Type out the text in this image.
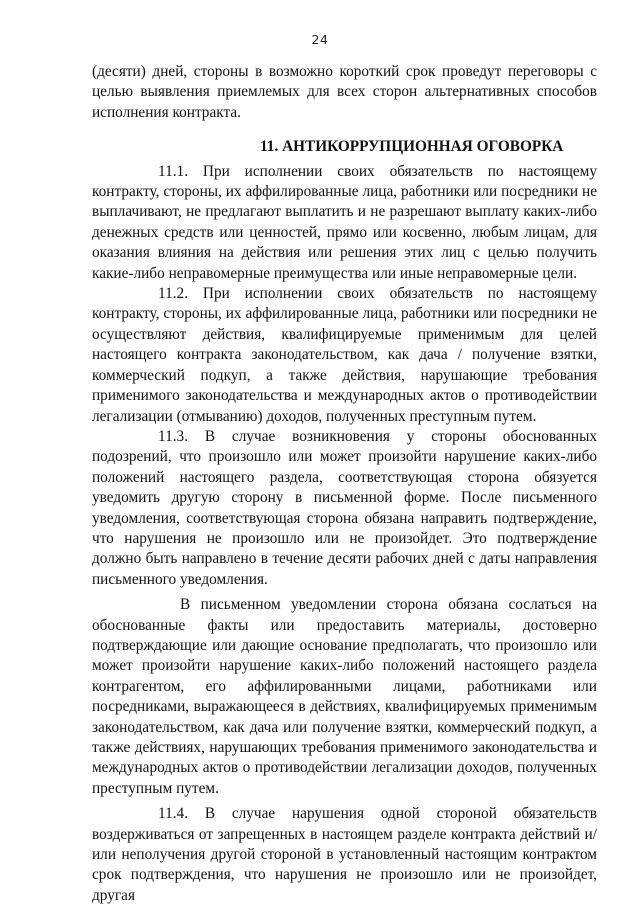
24

(десяти) дней, стороны в возможно короткий срок проведут переговоры с целью выявления приемлемых для всех сторон альтернативных способов исполнения контракта.

11. АНТИКОРРУПЦИОННАЯ ОГОВОРКА

11.1. При исполнении своих обязательств по настоящему контракту, стороны, их аффилированные лица, работники или посредники не выплачивают, не предлагают выплатить и не разрешают выплату каких-либо денежных средств или ценностей, прямо или косвенно, любым лицам, для оказания влияния на действия или решения этих лиц с целью получить какие-либо неправомерные преимущества или иные неправомерные цели.

11.2. При исполнении своих обязательств по настоящему контракту, стороны, их аффилированные лица, работники или посредники не осуществляют действия, квалифицируемые применимым для целей настоящего контракта законодательством, как дача / получение взятки, коммерческий подкуп, а также действия, нарушающие требования применимого законодательства и международных актов о противодействии легализации (отмыванию) доходов, полученных преступным путем.

11.3. В случае возникновения у стороны обоснованных подозрений, что произошло или может произойти нарушение каких-либо положений настоящего раздела, соответствующая сторона обязуется уведомить другую сторону в письменной форме. После письменного уведомления, соответствующая сторона обязана направить подтверждение, что нарушения не произошло или не произойдет. Это подтверждение должно быть направлено в течение десяти рабочих дней с даты направления письменного уведомления.

В письменном уведомлении сторона обязана сослаться на обоснованные факты или предоставить материалы, достоверно подтверждающие или дающие основание предполагать, что произошло или может произойти нарушение каких-либо положений настоящего раздела контрагентом, его аффилированными лицами, работниками или посредниками, выражающееся в действиях, квалифицируемых применимым законодательством, как дача или получение взятки, коммерческий подкуп, а также действиях, нарушающих требования применимого законодательства и международных актов о противодействии легализации доходов, полученных преступным путем.

11.4. В случае нарушения одной стороной обязательств воздерживаться от запрещенных в настоящем разделе контракта действий и/или неполучения другой стороной в установленный настоящим контрактом срок подтверждения, что нарушения не произошло или не произойдет, другая
